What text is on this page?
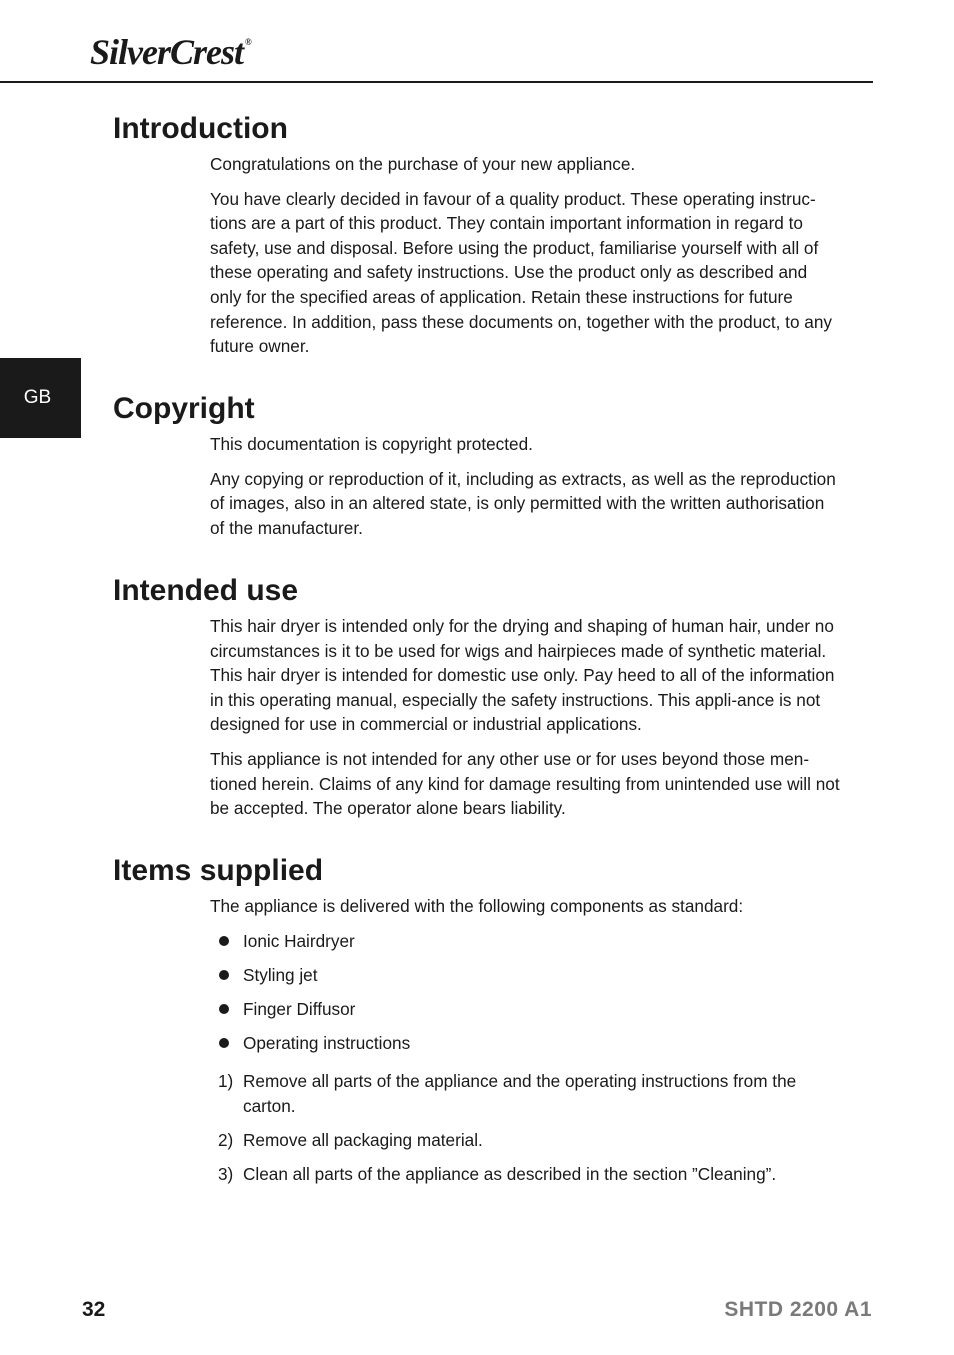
SilverCrest ®
GB
Introduction

Congratulations on the purchase of your new appliance.

You have clearly decided in favour of a quality product. These operating instruc-tions are a part of this product. They contain important information in regard to safety, use and disposal. Before using the product, familiarise yourself with all of these operating and safety instructions. Use the product only as described and only for the specified areas of application. Retain these instructions for future reference. In addition, pass these documents on, together with the product, to any future owner.

Copyright

This documentation is copyright protected.

Any copying or reproduction of it, including as extracts, as well as the reproduction of images, also in an altered state, is only permitted with the written authorisation of the manufacturer.

Intended use

This hair dryer is intended only for the drying and shaping of human hair, under no circumstances is it to be used for wigs and hairpieces made of synthetic material. This hair dryer is intended for domestic use only. Pay heed to all of the information in this operating manual, especially the safety instructions. This appli-ance is not designed for use in commercial or industrial applications.

This appliance is not intended for any other use or for uses beyond those men-tioned herein. Claims of any kind for damage resulting from unintended use will not be accepted. The operator alone bears liability.

Items supplied

The appliance is delivered with the following components as standard:

Ionic Hairdryer
Styling jet
Finger Diffusor
Operating instructions
1) Remove all parts of the appliance and the operating instructions from the carton.
2) Remove all packaging material.
3) Clean all parts of the appliance as described in the section ”Cleaning”.
32	SHTD 2200 A1
